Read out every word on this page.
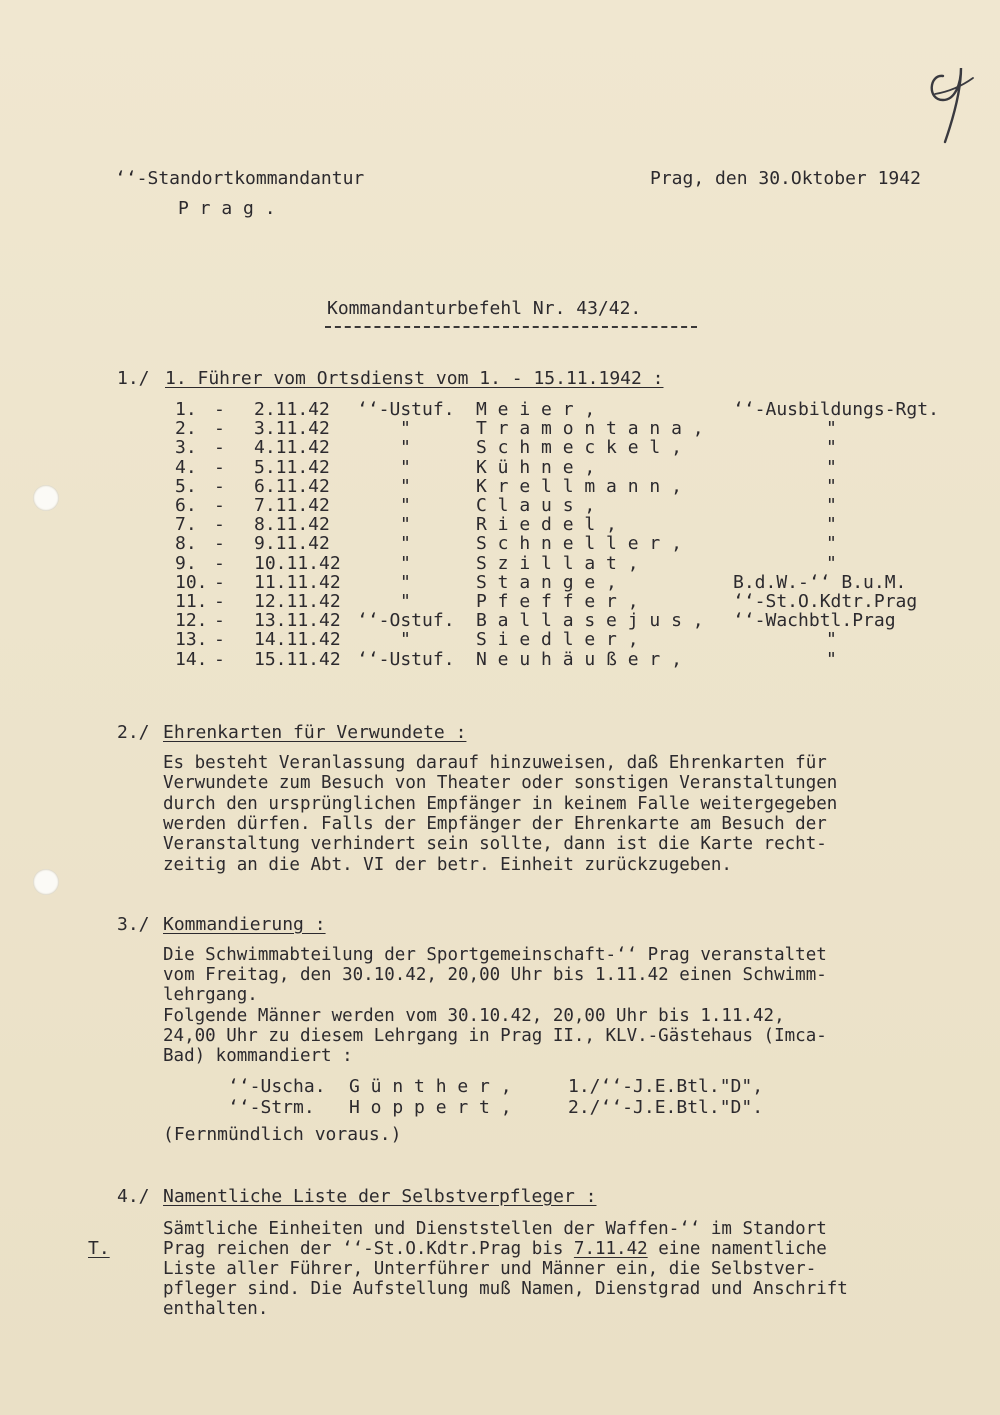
ʻʻ-Standortkommandantur
P r a g .
Prag, den 30.Oktober 1942
Kommandanturbefehl Nr. 43/42.
1./ 1. Führer vom Ortsdienst vom 1. - 15.11.1942 :
1. - 2.11.42 ʻʻ-Ustuf. M e i e r ,	ʻʻ-Ausbildungs-Rgt.
2. - 3.11.42	"	T r a m o n t a n a ,	"
3. - 4.11.42	"	S c h m e c k e l ,	"
4. - 5.11.42	"	K ü h n e ,	"
5. - 6.11.42	"	K r e l l m a n n ,	"
6. - 7.11.42	"	C l a u s ,	"
7. - 8.11.42	"	R i e d e l ,	"
8. - 9.11.42	"	S c h n e l l e r ,	"
9. - 10.11.42	"	S z i l l a t ,	"
10. - 11.11.42	"	S t a n g e ,	B.d.W.-ʻʻ B.u.M.
11. - 12.11.42	"	P f e f f e r ,	ʻʻ-St.O.Kdtr.Prag
12. - 13.11.42 ʻʻ-Ostuf. B a l l a s e j u s , ʻʻ-Wachbtl.Prag
13. - 14.11.42	"	S i e d l e r ,	"
14. - 15.11.42 ʻʻ-Ustuf. N e u h ä u ß e r ,	"
2./ Ehrenkarten für Verwundete :
Es besteht Veranlassung darauf hinzuweisen, daß Ehrenkarten für
Verwundete zum Besuch von Theater oder sonstigen Veranstaltungen
durch den ursprünglichen Empfänger in keinem Falle weitergegeben
werden dürfen. Falls der Empfänger der Ehrenkarte am Besuch der
Veranstaltung verhindert sein sollte, dann ist die Karte recht-
zeitig an die Abt. VI der betr. Einheit zurückzugeben.
3./ Kommandierung :
Die Schwimmabteilung der Sportgemeinschaft-ʻʻ Prag veranstaltet
vom Freitag, den 30.10.42, 20,00 Uhr bis 1.11.42 einen Schwimm-
lehrgang.
Folgende Männer werden vom 30.10.42, 20,00 Uhr bis 1.11.42,
24,00 Uhr zu diesem Lehrgang in Prag II., KLV.-Gästehaus (Imca-
Bad) kommandiert :
ʻʻ-Uscha. G ü n t h e r ,	1./ʻʻ-J.E.Btl."D",
ʻʻ-Strm. H o p p e r t ,	2./ʻʻ-J.E.Btl."D".
(Fernmündlich voraus.)
4./ Namentliche Liste der Selbstverpfleger :
T.
Sämtliche Einheiten und Dienststellen der Waffen-ʻʻ im Standort
Prag reichen der ʻʻ-St.O.Kdtr.Prag bis 7.11.42 eine namentliche
Liste aller Führer, Unterführer und Männer ein, die Selbstver-
pfleger sind. Die Aufstellung muß Namen, Dienstgrad und Anschrift
enthalten.
